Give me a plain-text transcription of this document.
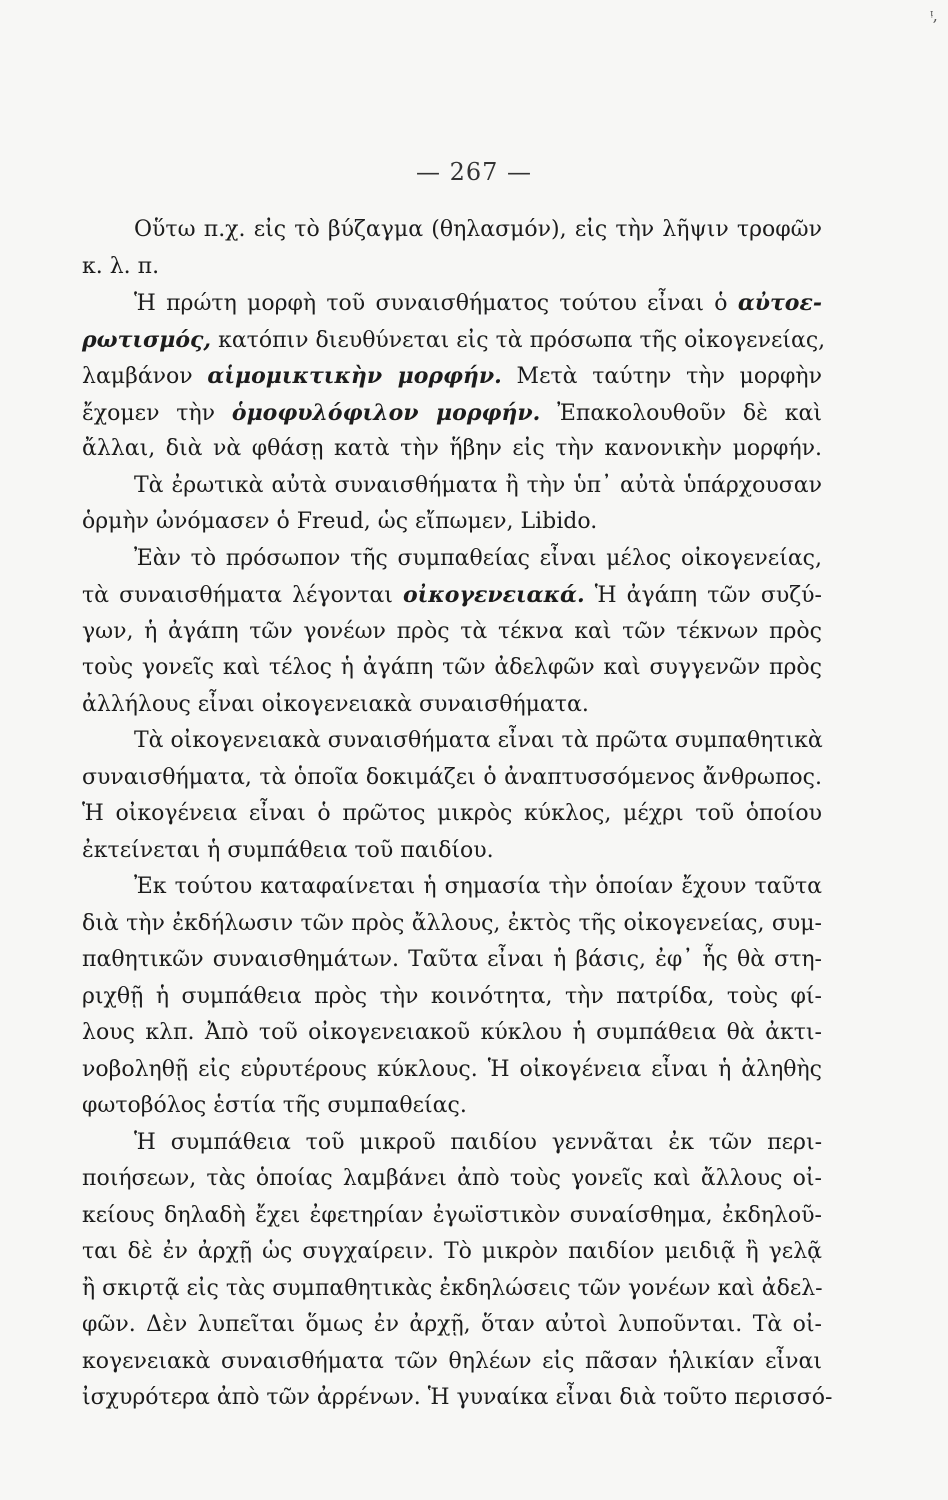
ᵎ,
— 267 —
Οὕτω π.χ. εἰς τὸ βύζαγμα (θηλασμόν), εἰς τὴν λῆψιν τροφῶν
κ. λ. π.
Ἡ πρώτη μορφὴ τοῦ συναισθήματος τούτου εἶναι ὁ αὐτοε-
ρωτισμός, κατόπιν διευθύνεται εἰς τὰ πρόσωπα τῆς οἰκογενείας,
λαμβάνον αἱμομικτικὴν μορφήν. Μετὰ ταύτην τὴν μορφὴν
ἔχομεν τὴν ὁμοφυλόφιλον μορφήν. Ἐπακολουθοῦν δὲ καὶ
ἄλλαι, διὰ νὰ φθάσῃ κατὰ τὴν ἥβην εἰς τὴν κανονικὴν μορφήν.
Τὰ ἐρωτικὰ αὐτὰ συναισθήματα ἢ τὴν ὑπ᾽ αὐτὰ ὑπάρχουσαν
ὁρμὴν ὠνόμασεν ὁ Freud, ὡς εἴπωμεν, Libido.
Ἐὰν τὸ πρόσωπον τῆς συμπαθείας εἶναι μέλος οἰκογενείας,
τὰ συναισθήματα λέγονται οἰκογενειακά. Ἡ ἀγάπη τῶν συζύ-
γων, ἡ ἀγάπη τῶν γονέων πρὸς τὰ τέκνα καὶ τῶν τέκνων πρὸς
τοὺς γονεῖς καὶ τέλος ἡ ἀγάπη τῶν ἀδελφῶν καὶ συγγενῶν πρὸς
ἀλλήλους εἶναι οἰκογενειακὰ συναισθήματα.
Τὰ οἰκογενειακὰ συναισθήματα εἶναι τὰ πρῶτα συμπαθητικὰ
συναισθήματα, τὰ ὁποῖα δοκιμάζει ὁ ἀναπτυσσόμενος ἄνθρωπος.
Ἡ οἰκογένεια εἶναι ὁ πρῶτος μικρὸς κύκλος, μέχρι τοῦ ὁποίου
ἐκτείνεται ἡ συμπάθεια τοῦ παιδίου.
Ἐκ τούτου καταφαίνεται ἡ σημασία τὴν ὁποίαν ἔχουν ταῦτα
διὰ τὴν ἐκδήλωσιν τῶν πρὸς ἄλλους, ἐκτὸς τῆς οἰκογενείας, συμ-
παθητικῶν συναισθημάτων. Ταῦτα εἶναι ἡ βάσις, ἐφ᾽ ἧς θὰ στη-
ριχθῇ ἡ συμπάθεια πρὸς τὴν κοινότητα, τὴν πατρίδα, τοὺς φί-
λους κλπ. Ἀπὸ τοῦ οἰκογενειακοῦ κύκλου ἡ συμπάθεια θὰ ἀκτι-
νοβοληθῇ εἰς εὐρυτέρους κύκλους. Ἡ οἰκογένεια εἶναι ἡ ἀληθὴς
φωτοβόλος ἑστία τῆς συμπαθείας.
Ἡ συμπάθεια τοῦ μικροῦ παιδίου γεννᾶται ἐκ τῶν περι-
ποιήσεων, τὰς ὁποίας λαμβάνει ἀπὸ τοὺς γονεῖς καὶ ἄλλους οἰ-
κείους δηλαδὴ ἔχει ἐφετηρίαν ἐγωϊστικὸν συναίσθημα, ἐκδηλοῦ-
ται δὲ ἐν ἀρχῇ ὡς συγχαίρειν. Τὸ μικρὸν παιδίον μειδιᾷ ἢ γελᾷ
ἢ σκιρτᾷ εἰς τὰς συμπαθητικὰς ἐκδηλώσεις τῶν γονέων καὶ ἀδελ-
φῶν. Δὲν λυπεῖται ὅμως ἐν ἀρχῇ, ὅταν αὐτοὶ λυποῦνται. Τὰ οἰ-
κογενειακὰ συναισθήματα τῶν θηλέων εἰς πᾶσαν ἡλικίαν εἶναι
ἰσχυρότερα ἀπὸ τῶν ἀρρένων. Ἡ γυναίκα εἶναι διὰ τοῦτο περισσό-
